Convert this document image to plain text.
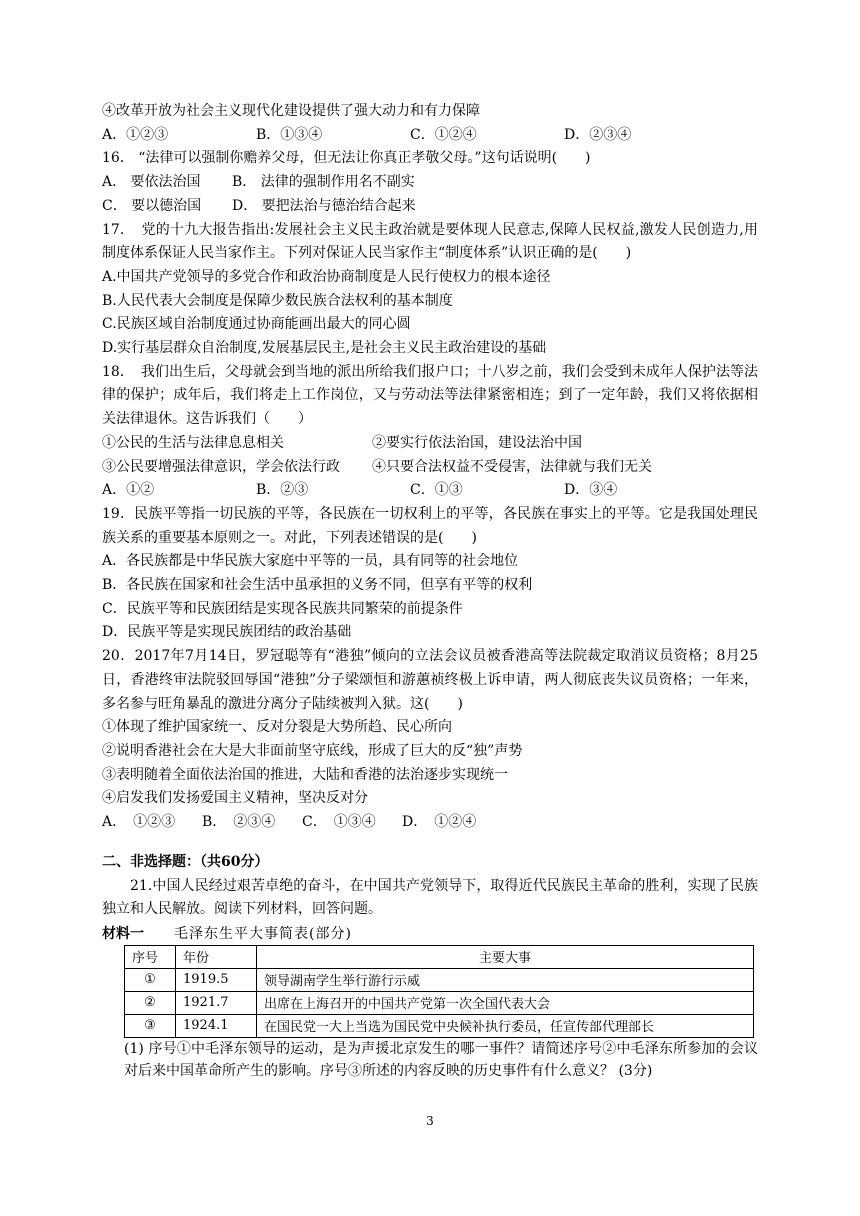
④改革开放为社会主义现代化建设提供了强大动力和有力保障
A．①②③	B．①③④	C．①②④	D．②③④
16． “法律可以强制你赡养父母，但无法让你真正孝敬父母。”这句话说明(　　)
A． 要依法治国	B． 法律的强制作用名不副实
C． 要以德治国	D． 要把法治与德治结合起来
17．　党的十九大报告指出:发展社会主义民主政治就是要体现人民意志,保障人民权益,激发人民创造力,用制度体系保证人民当家作主。下列对保证人民当家作主“制度体系”认识正确的是(　　)
A.中国共产党领导的多党合作和政治协商制度是人民行使权力的根本途径
B.人民代表大会制度是保障少数民族合法权利的基本制度
C.民族区域自治制度通过协商能画出最大的同心圆
D.实行基层群众自治制度,发展基层民主,是社会主义民主政治建设的基础
18．　我们出生后，父母就会到当地的派出所给我们报户口；十八岁之前，我们会受到未成年人保护法等法律的保护；成年后，我们将走上工作岗位，又与劳动法等法律紧密相连；到了一定年龄，我们又将依据相关法律退休。这告诉我们（　　）
①公民的生活与法律息息相关	②要实行依法治国，建设法治中国
③公民要增强法律意识，学会依法行政	④只要合法权益不受侵害，法律就与我们无关
A．①②	B．②③	C．①③	D．③④
19．民族平等指一切民族的平等，各民族在一切权利上的平等，各民族在事实上的平等。它是我国处理民族关系的重要基本原则之一。对此，下列表述错误的是(　　)
A．各民族都是中华民族大家庭中平等的一员，具有同等的社会地位
B．各民族在国家和社会生活中虽承担的义务不同，但享有平等的权利
C．民族平等和民族团结是实现各民族共同繁荣的前提条件
D．民族平等是实现民族团结的政治基础
20．2017年7月14日，罗冠聪等有“港独”倾向的立法会议员被香港高等法院裁定取消议员资格；8月25日，香港终审法院驳回辱国“港独”分子梁颂恒和游蕙祯终极上诉申请，两人彻底丧失议员资格；一年来，多名参与旺角暴乱的激进分离分子陆续被判入狱。这(　　)
①体现了维护国家统一、反对分裂是大势所趋、民心所向
②说明香港社会在大是大非面前坚守底线，形成了巨大的反“独”声势
③表明随着全面依法治国的推进，大陆和香港的法治逐步实现统一
④启发我们发扬爱国主义精神，坚决反对分
A．　①②③	B．　②③④	C．　①③④	D．　①②④
二、非选择题：（共60分）
21.中国人民经过艰苦卓绝的奋斗，在中国共产党领导下，取得近代民族民主革命的胜利，实现了民族独立和人民解放。阅读下列材料，回答问题。
材料一 毛泽东生平大事简表(部分)
序号	年份	主要大事
①	1919.5	领导湖南学生举行游行示威
②	1921.7	出席在上海召开的中国共产党第一次全国代表大会
③	1924.1	在国民党一大上当选为国民党中央候补执行委员，任宣传部代理部长
(1) 序号①中毛泽东领导的运动，是为声援北京发生的哪一事件？请简述序号②中毛泽东所参加的会议对后来中国革命所产生的影响。序号③所述的内容反映的历史事件有什么意义？ (3分)
3
